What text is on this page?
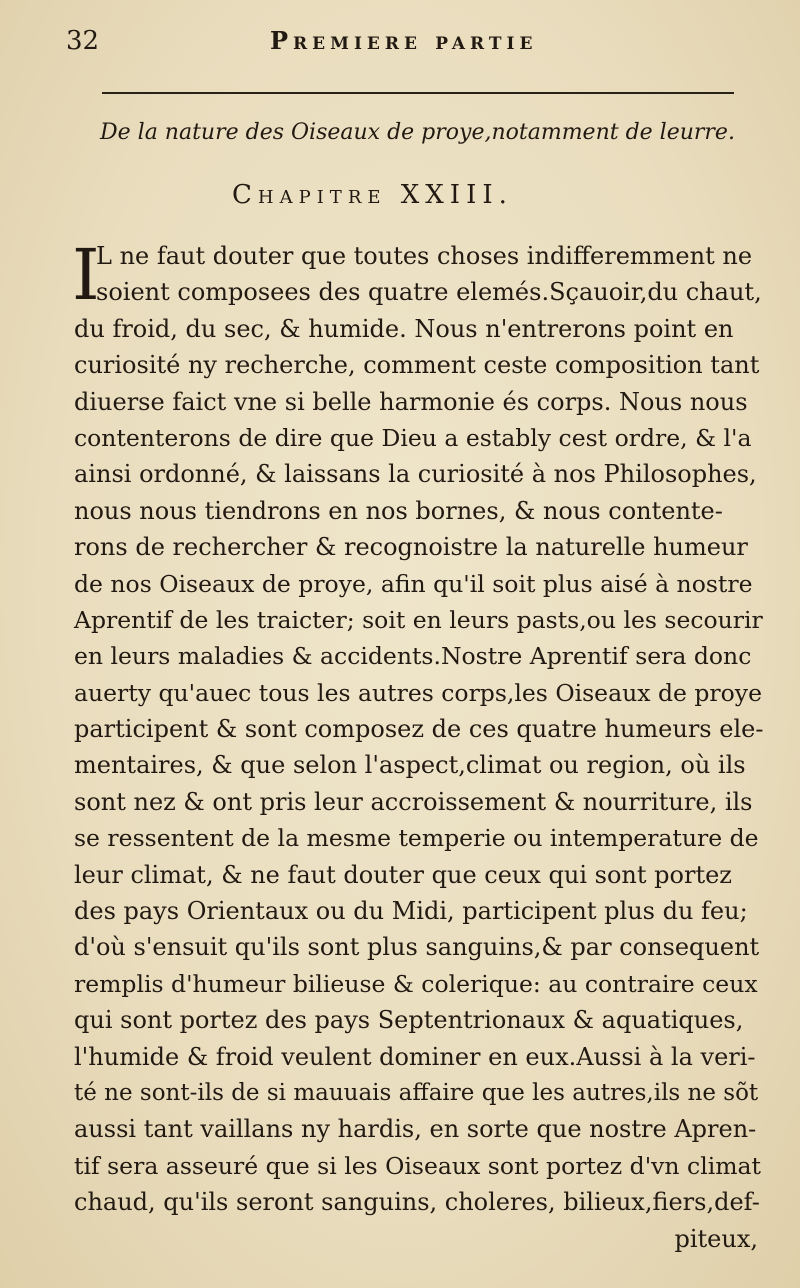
32	Premiere partie
De la nature des Oiseaux de proye,notamment de leurre.
Chapitre XXIII.
I
L ne faut douter que toutes choses indifferemment ne
soient composees des quatre elemés.Sçauoir,du chaut,
du froid, du sec, & humide. Nous n'entrerons point en
curiosité ny recherche, comment ceste composition tant
diuerse faict vne si belle harmonie és corps. Nous nous
contenterons de dire que Dieu a estably cest ordre, & l'a
ainsi ordonné, & laissans la curiosité à nos Philosophes,
nous nous tiendrons en nos bornes, & nous contente-
rons de rechercher & recognoistre la naturelle humeur
de nos Oiseaux de proye, afin qu'il soit plus aisé à nostre
Aprentif de les traicter; soit en leurs pasts,ou les secourir
en leurs maladies & accidents.Nostre Aprentif sera donc
auerty qu'auec tous les autres corps,les Oiseaux de proye
participent & sont composez de ces quatre humeurs ele-
mentaires, & que selon l'aspect,climat ou region, où ils
sont nez & ont pris leur accroissement & nourriture, ils
se ressentent de la mesme temperie ou intemperature de
leur climat, & ne faut douter que ceux qui sont portez
des pays Orientaux ou du Midi, participent plus du feu;
d'où s'ensuit qu'ils sont plus sanguins,& par consequent
remplis d'humeur bilieuse & colerique: au contraire ceux
qui sont portez des pays Septentrionaux & aquatiques,
l'humide & froid veulent dominer en eux.Aussi à la veri-
té ne sont-ils de si mauuais affaire que les autres,ils ne sõt
aussi tant vaillans ny hardis, en sorte que nostre Apren-
tif sera asseuré que si les Oiseaux sont portez d'vn climat
chaud, qu'ils seront sanguins, choleres, bilieux,fiers,def-
piteux,
